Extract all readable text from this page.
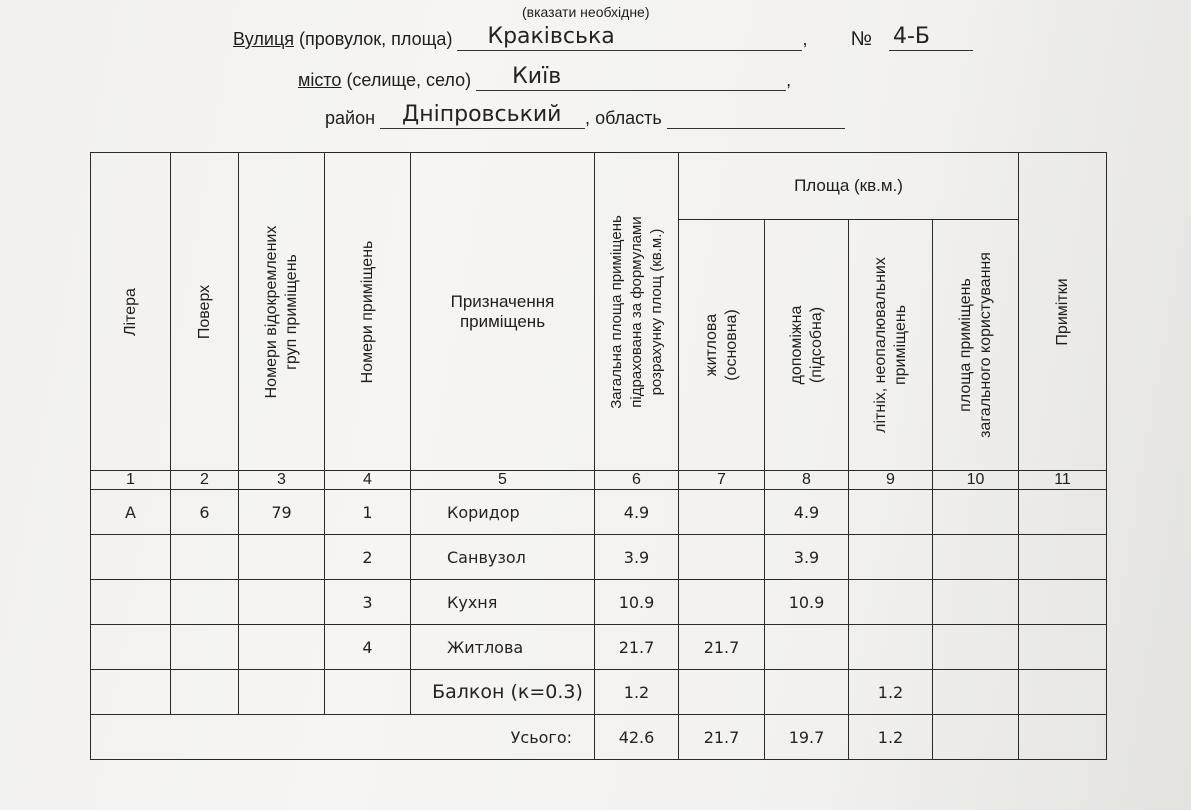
(вказати необхідне)
Вулиця (провулок, площа) Краківська	, № 4-Б
місто (селище, село) Київ	,
район Дніпровський , область
Літера	Поверх	Номери відокремлених груп приміщень	Номери приміщень	Призначення
приміщень	Загальна площа приміщень підрахована за формулами розрахунку площ (кв.м.)	Площа (кв.м.)				Примітки

						житлова (основна)	допоміжна (підсобна)	літніх, неопалювальних приміщень	площа приміщень загального користування	

1	2	3	4	5	6	7	8	9	10	11
А	6	79	1	Коридор	4.9		4.9			
			2	Санвузол	3.9		3.9			
			3	Кухня	10.9		10.9			
			4	Житлова	21.7	21.7				
				Балкон (к=0.3)	1.2			1.2		
Усього:					42.6	21.7	19.7	1.2		
